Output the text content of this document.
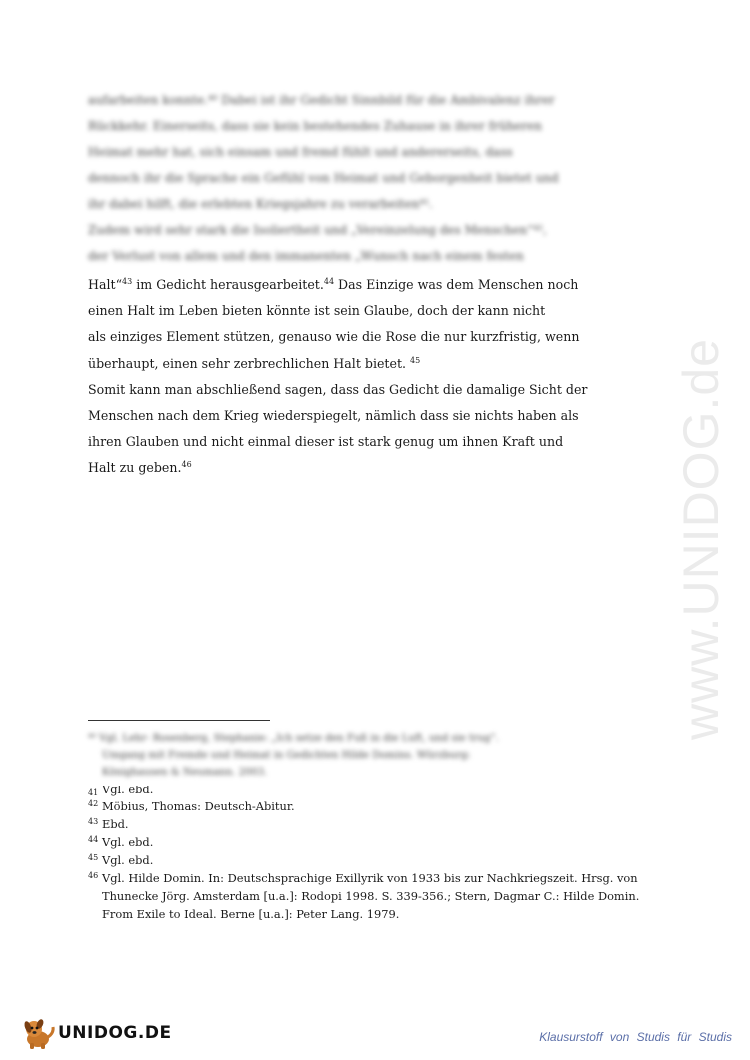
aufarbeiten konnte.⁴⁰ Dabei ist ihr Gedicht Sinnbild für die Ambivalenz ihrer
Rückkehr. Einerseits, dass sie kein bestehendes Zuhause in ihrer früheren
Heimat mehr hat, sich einsam und fremd fühlt und andererseits, dass
dennoch ihr die Sprache ein Gefühl von Heimat und Geborgenheit bietet und
ihr dabei hilft, die erlebten Kriegsjahre zu verarbeiten⁴¹.
Zudem wird sehr stark die Isoliertheit und „Vereinzelung des Menschen“⁴²,
der Verlust von allem und den immanenten „Wunsch nach einem festen
Halt“$^{43}$ im Gedicht herausgearbeitet.$^{44}$ Das Einzige was dem Menschen noch
einen Halt im Leben bieten könnte ist sein Glaube, doch der kann nicht
als einziges Element stützen, genauso wie die Rose die nur kurzfristig, wenn
überhaupt, einen sehr zerbrechlichen Halt bietet. $^{45}$
Somit kann man abschließend sagen, dass das Gedicht die damalige Sicht der
Menschen nach dem Krieg wiederspiegelt, nämlich dass sie nichts haben als
ihren Glauben und nicht einmal dieser ist stark genug um ihnen Kraft und
Halt zu geben.$^{46}$
⁴⁰ Vgl. Lehr- Rosenberg, Stephanie: „Ich setze den Fuß in die Luft, und sie trug“.
Umgang mit Fremde und Heimat in Gedichten Hilde Domins. Würzburg:
Könighausen & Neumann. 2003.
41 Vgl. ebd.
42 Möbius, Thomas: Deutsch-Abitur.
43 Ebd.
44 Vgl. ebd.
45 Vgl. ebd.
46 Vgl. Hilde Domin. In: Deutschsprachige Exillyrik von 1933 bis zur Nachkriegszeit. Hrsg. von Thunecke Jörg. Amsterdam [u.a.]: Rodopi 1998. S. 339-356.; Stern, Dagmar C.: Hilde Domin. From Exile to Ideal. Berne [u.a.]: Peter Lang. 1979.
www.UNIDOG.de
UNIDOG.DE	Klausurstoff von Studis für Studis
